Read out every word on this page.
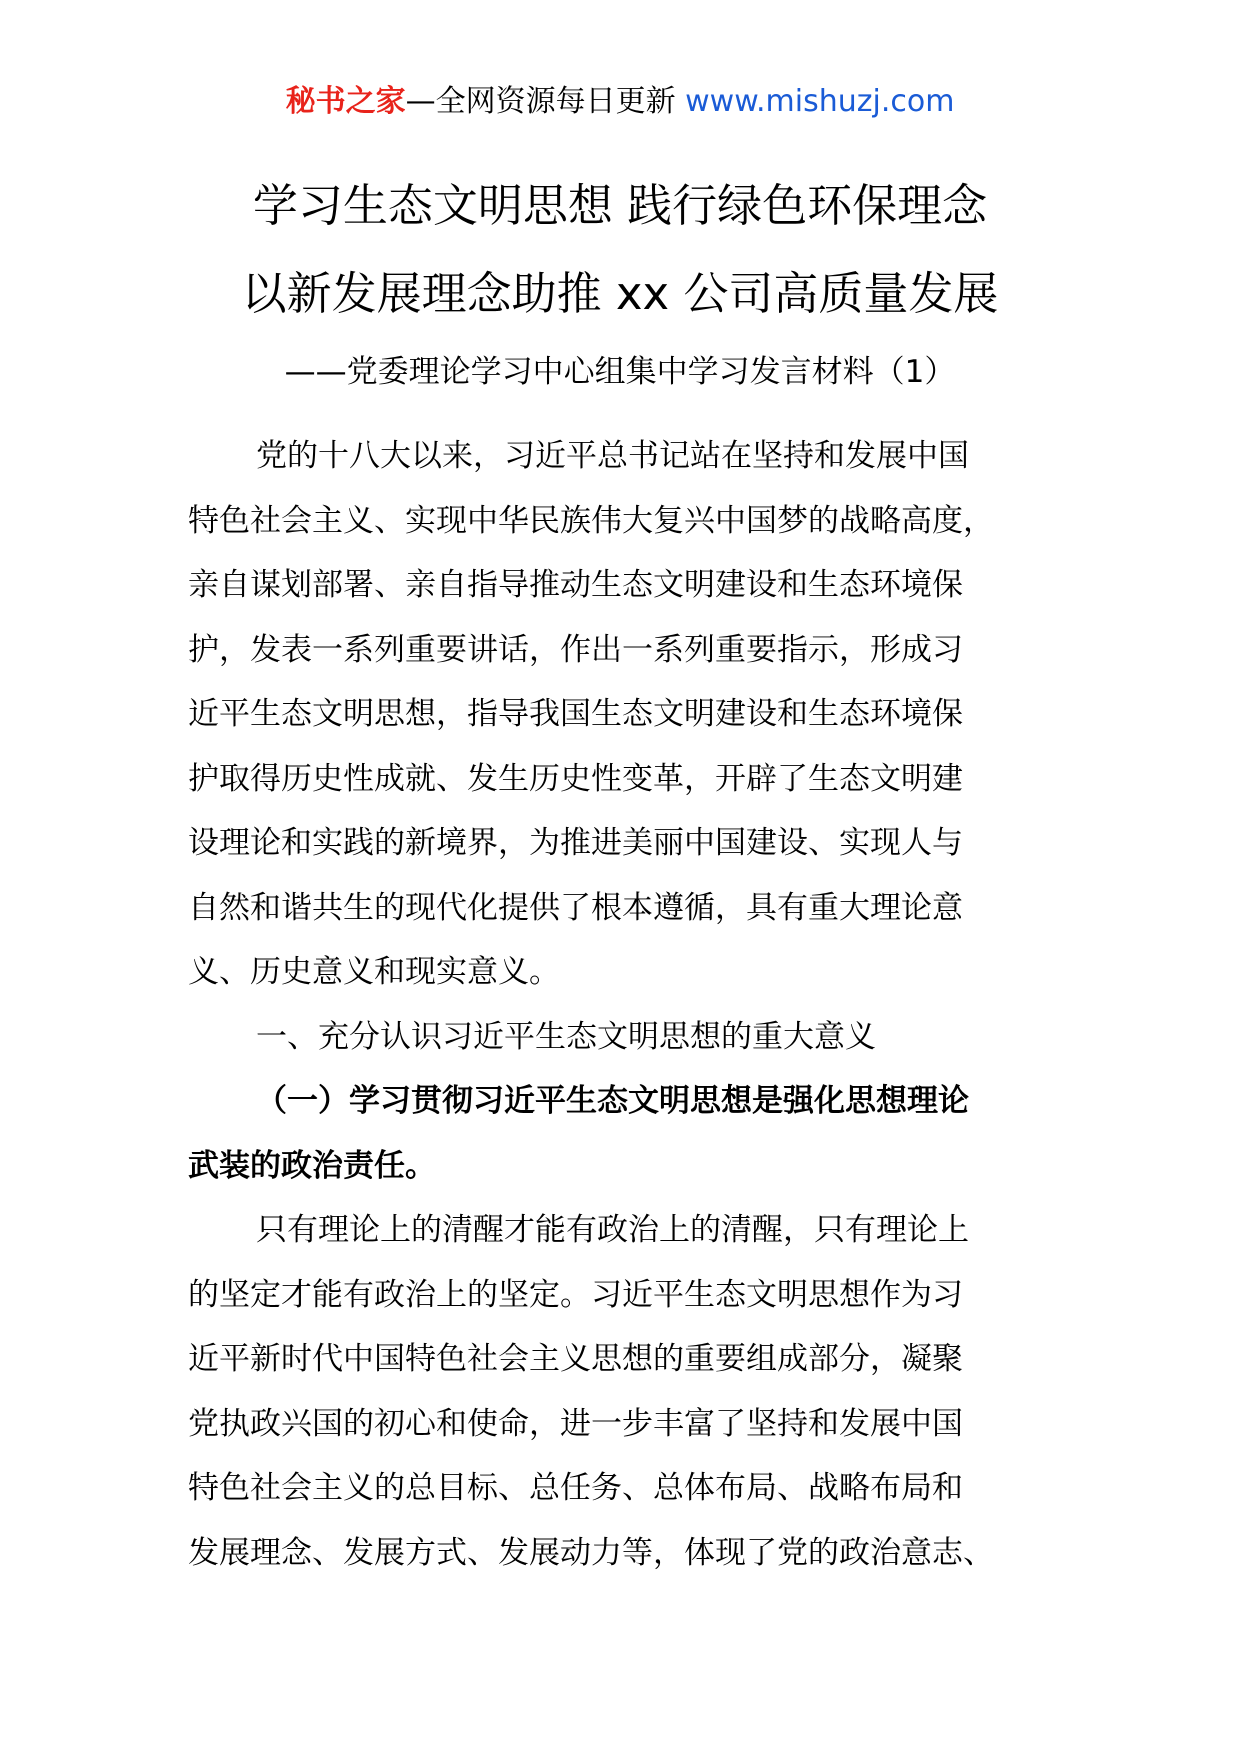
秘书之家—全网资源每日更新 www.mishuzj.com
学习生态文明思想 践行绿色环保理念
以新发展理念助推 xx 公司高质量发展
——党委理论学习中心组集中学习发言材料（1）
党的十八大以来，习近平总书记站在坚持和发展中国
特色社会主义、实现中华民族伟大复兴中国梦的战略高度，
亲自谋划部署、亲自指导推动生态文明建设和生态环境保
护，发表一系列重要讲话，作出一系列重要指示，形成习
近平生态文明思想，指导我国生态文明建设和生态环境保
护取得历史性成就、发生历史性变革，开辟了生态文明建
设理论和实践的新境界，为推进美丽中国建设、实现人与
自然和谐共生的现代化提供了根本遵循，具有重大理论意
义、历史意义和现实意义。
一、充分认识习近平生态文明思想的重大意义
（一）学习贯彻习近平生态文明思想是强化思想理论
武装的政治责任。
只有理论上的清醒才能有政治上的清醒，只有理论上
的坚定才能有政治上的坚定。习近平生态文明思想作为习
近平新时代中国特色社会主义思想的重要组成部分，凝聚
党执政兴国的初心和使命，进一步丰富了坚持和发展中国
特色社会主义的总目标、总任务、总体布局、战略布局和
发展理念、发展方式、发展动力等，体现了党的政治意志、
